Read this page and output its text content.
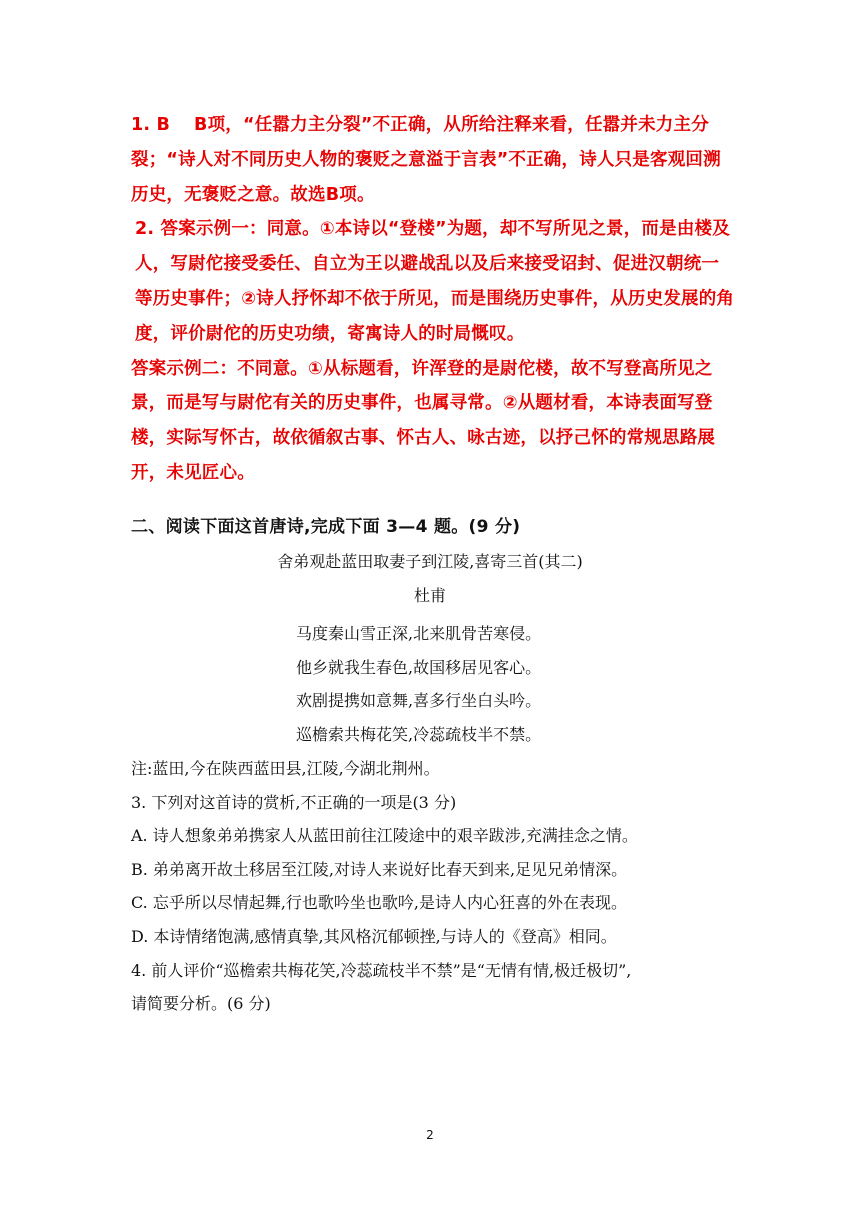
1. B　 B项，“任嚣力主分裂”不正确，从所给注释来看，任嚣并未力主分裂；“诗人对不同历史人物的褒贬之意溢于言表”不正确，诗人只是客观回溯历史，无褒贬之意。故选B项。

2. 答案示例一：同意。①本诗以“登楼”为题，却不写所见之景，而是由楼及人，写尉佗接受委任、自立为王以避战乱以及后来接受诏封、促进汉朝统一等历史事件；②诗人抒怀却不依于所见，而是围绕历史事件，从历史发展的角度，评价尉佗的历史功绩，寄寓诗人的时局慨叹。

答案示例二：不同意。①从标题看，许浑登的是尉佗楼，故不写登高所见之景，而是写与尉佗有关的历史事件，也属寻常。②从题材看，本诗表面写登楼，实际写怀古，故依循叙古事、怀古人、咏古迹，以抒己怀的常规思路展开，未见匠心。

二、阅读下面这首唐诗,完成下面 3—4 题。(9 分)
舍弟观赴蓝田取妻子到江陵,喜寄三首(其二)
杜甫
马度秦山雪正深,北来肌骨苦寒侵。
他乡就我生春色,故国移居见客心。
欢剧提携如意舞,喜多行坐白头吟。
巡檐索共梅花笑,冷蕊疏枝半不禁。
注:蓝田,今在陕西蓝田县,江陵,今湖北荆州。
3. 下列对这首诗的赏析,不正确的一项是(3 分)
A. 诗人想象弟弟携家人从蓝田前往江陵途中的艰辛跋涉,充满挂念之情。
B. 弟弟离开故土移居至江陵,对诗人来说好比春天到来,足见兄弟情深。
C. 忘乎所以尽情起舞,行也歌吟坐也歌吟,是诗人内心狂喜的外在表现。
D. 本诗情绪饱满,感情真挚,其风格沉郁顿挫,与诗人的《登高》相同。
4. 前人评价“巡檐索共梅花笑,冷蕊疏枝半不禁”是“无情有情,极迁极切”,
请简要分析。(6 分)
2
